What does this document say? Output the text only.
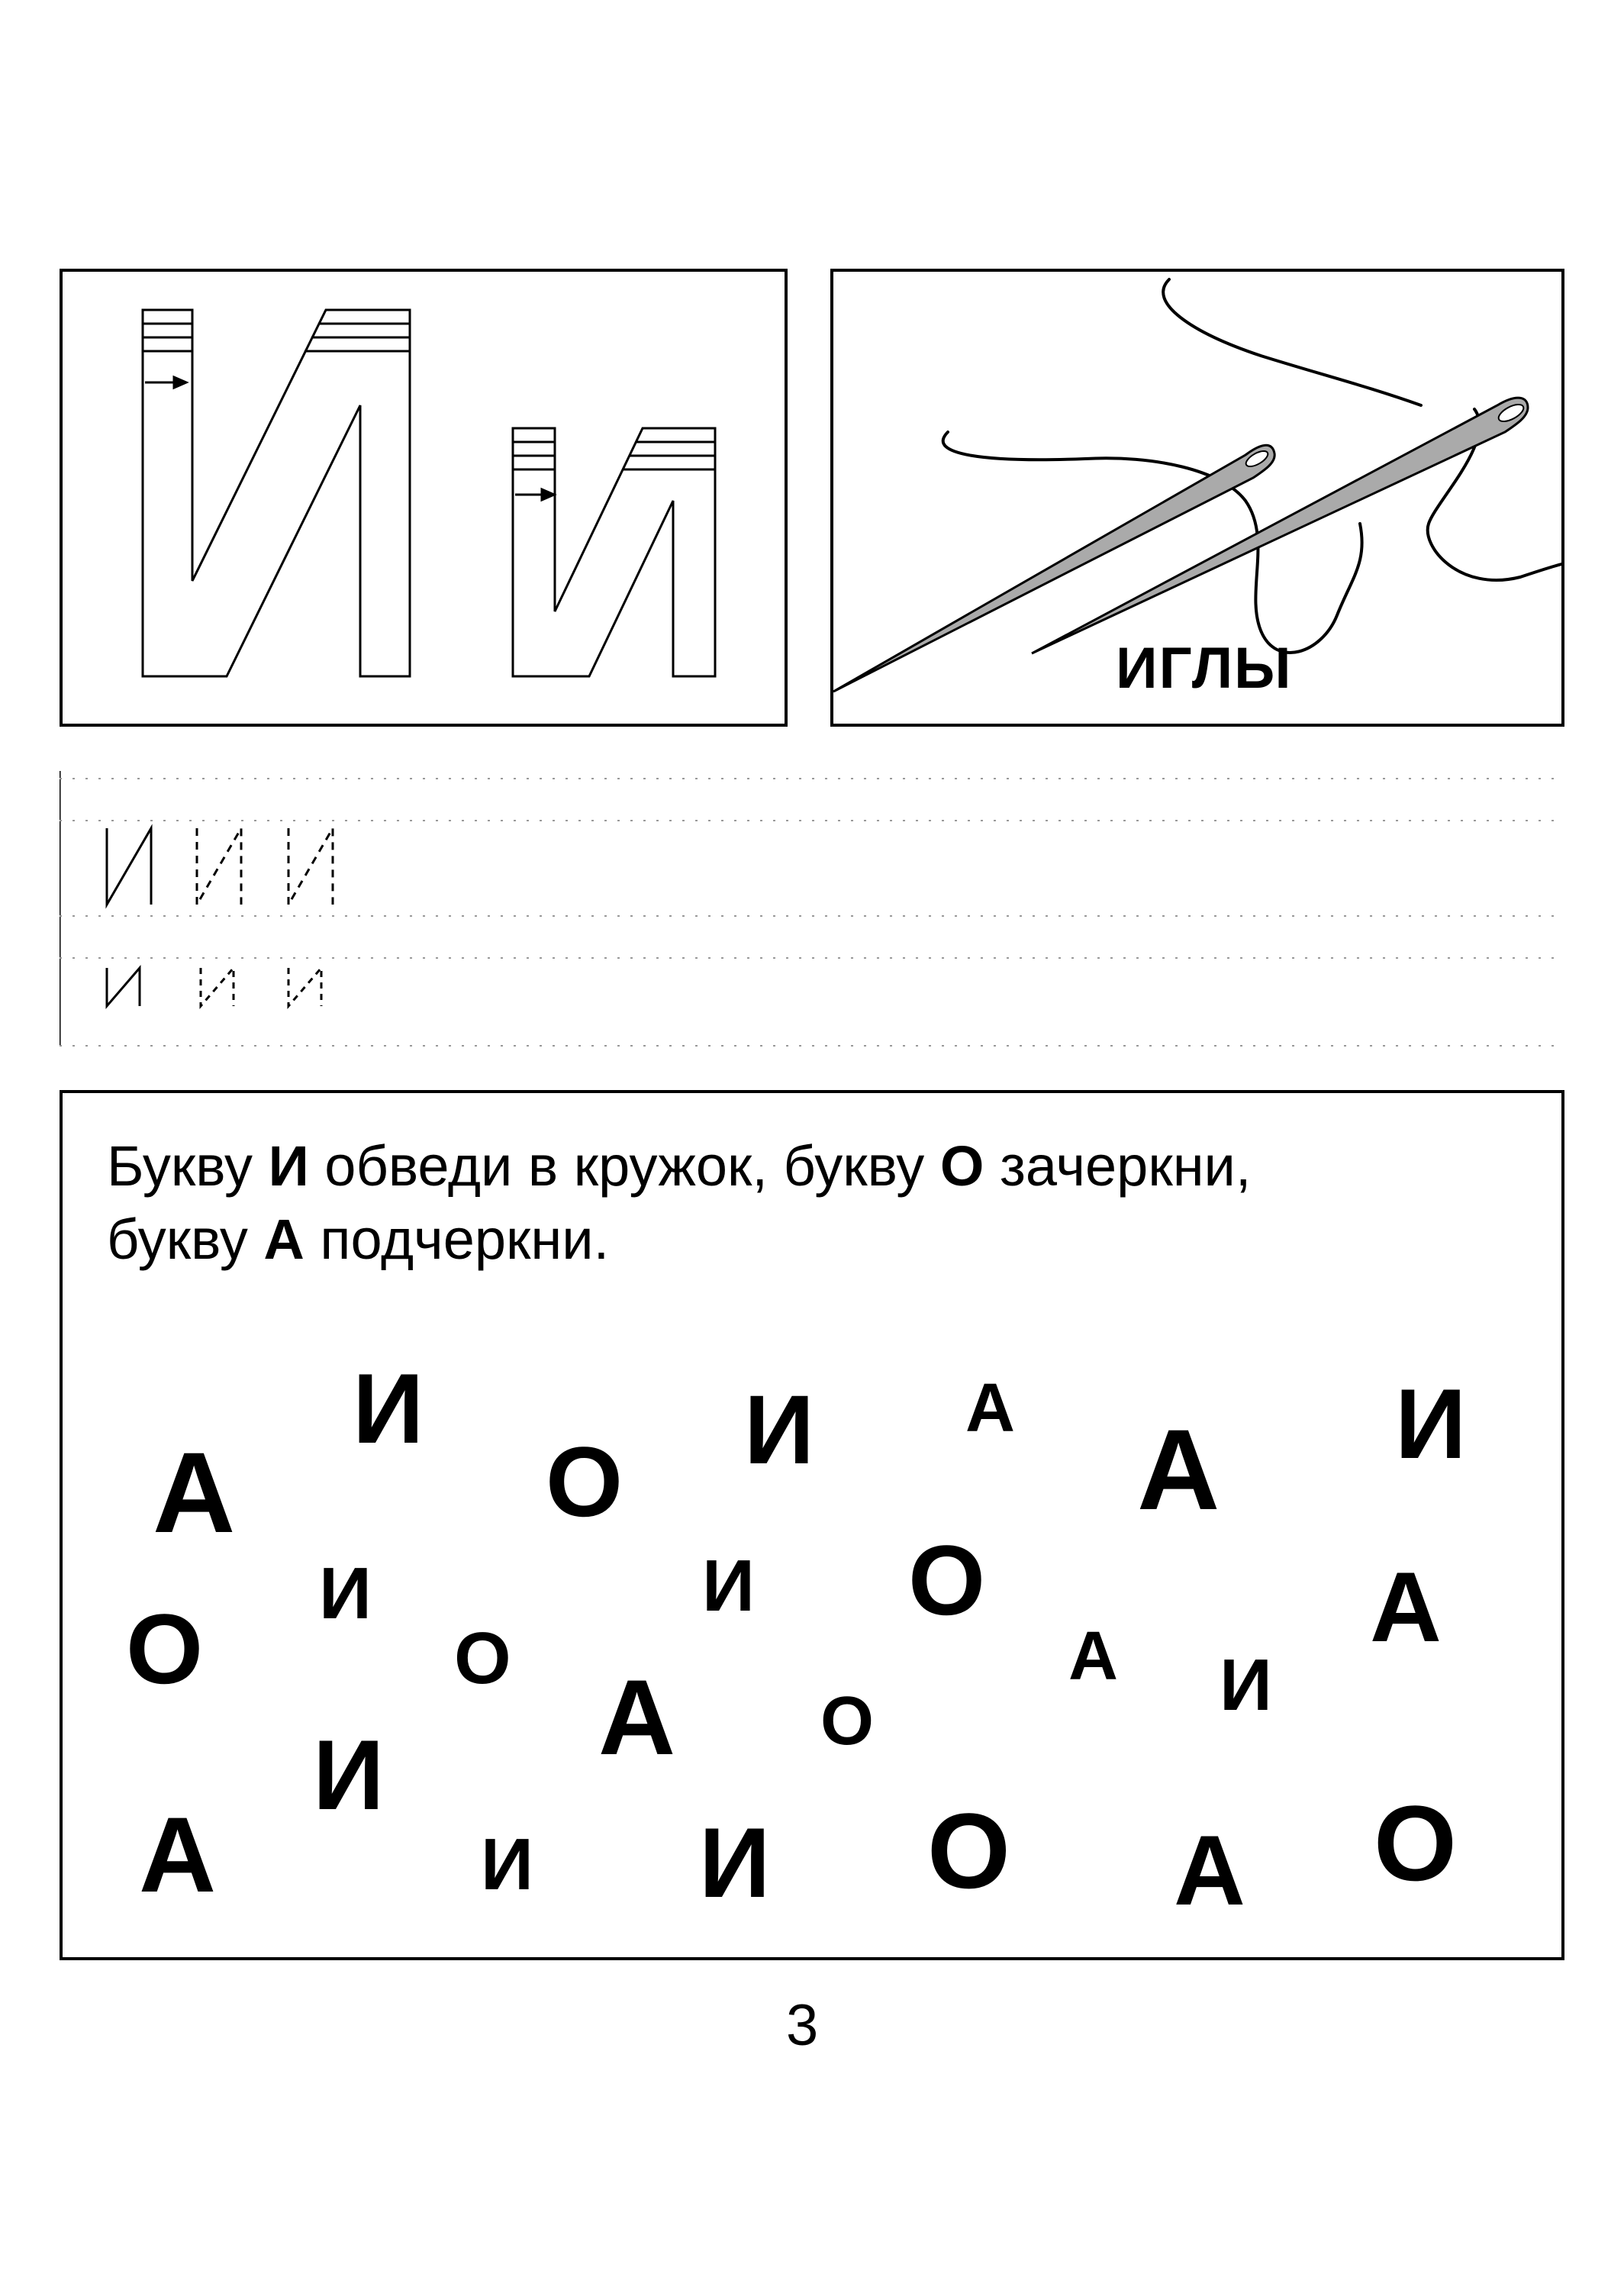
ИГЛЫ
Букву И обведи в кружок, букву О зачеркни,
букву А подчеркни.
А
И
О И А А И
О И
О
И О	А
А
А	И
О
И
А	И И О А О
3
